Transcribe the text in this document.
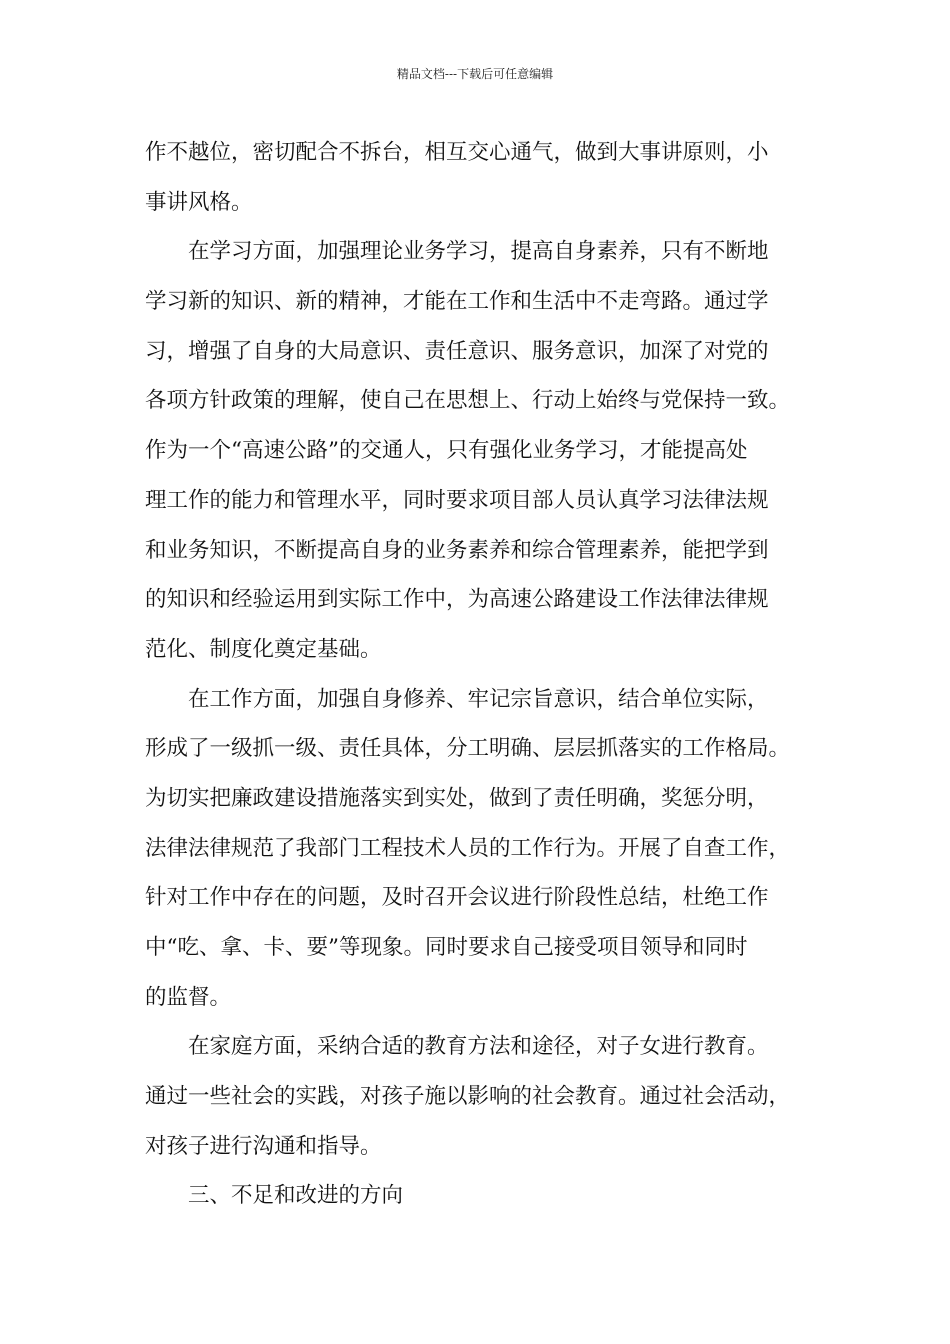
精品文档---下载后可任意编辑
作不越位，密切配合不拆台，相互交心通气，做到大事讲原则，小
事讲风格。
在学习方面，加强理论业务学习，提高自身素养，只有不断地
学习新的知识、新的精神，才能在工作和生活中不走弯路。通过学
习，增强了自身的大局意识、责任意识、服务意识，加深了对党的
各项方针政策的理解，使自己在思想上、行动上始终与党保持一致。
作为一个“高速公路”的交通人，只有强化业务学习，才能提高处
理工作的能力和管理水平，同时要求项目部人员认真学习法律法规
和业务知识，不断提高自身的业务素养和综合管理素养，能把学到
的知识和经验运用到实际工作中，为高速公路建设工作法律法律规
范化、制度化奠定基础。
在工作方面，加强自身修养、牢记宗旨意识，结合单位实际，
形成了一级抓一级、责任具体，分工明确、层层抓落实的工作格局。
为切实把廉政建设措施落实到实处，做到了责任明确，奖惩分明，
法律法律规范了我部门工程技术人员的工作行为。开展了自查工作，
针对工作中存在的问题，及时召开会议进行阶段性总结，杜绝工作
中“吃、拿、卡、要”等现象。同时要求自己接受项目领导和同时
的监督。
在家庭方面，采纳合适的教育方法和途径，对子女进行教育。
通过一些社会的实践，对孩子施以影响的社会教育。通过社会活动，
对孩子进行沟通和指导。
三、不足和改进的方向
